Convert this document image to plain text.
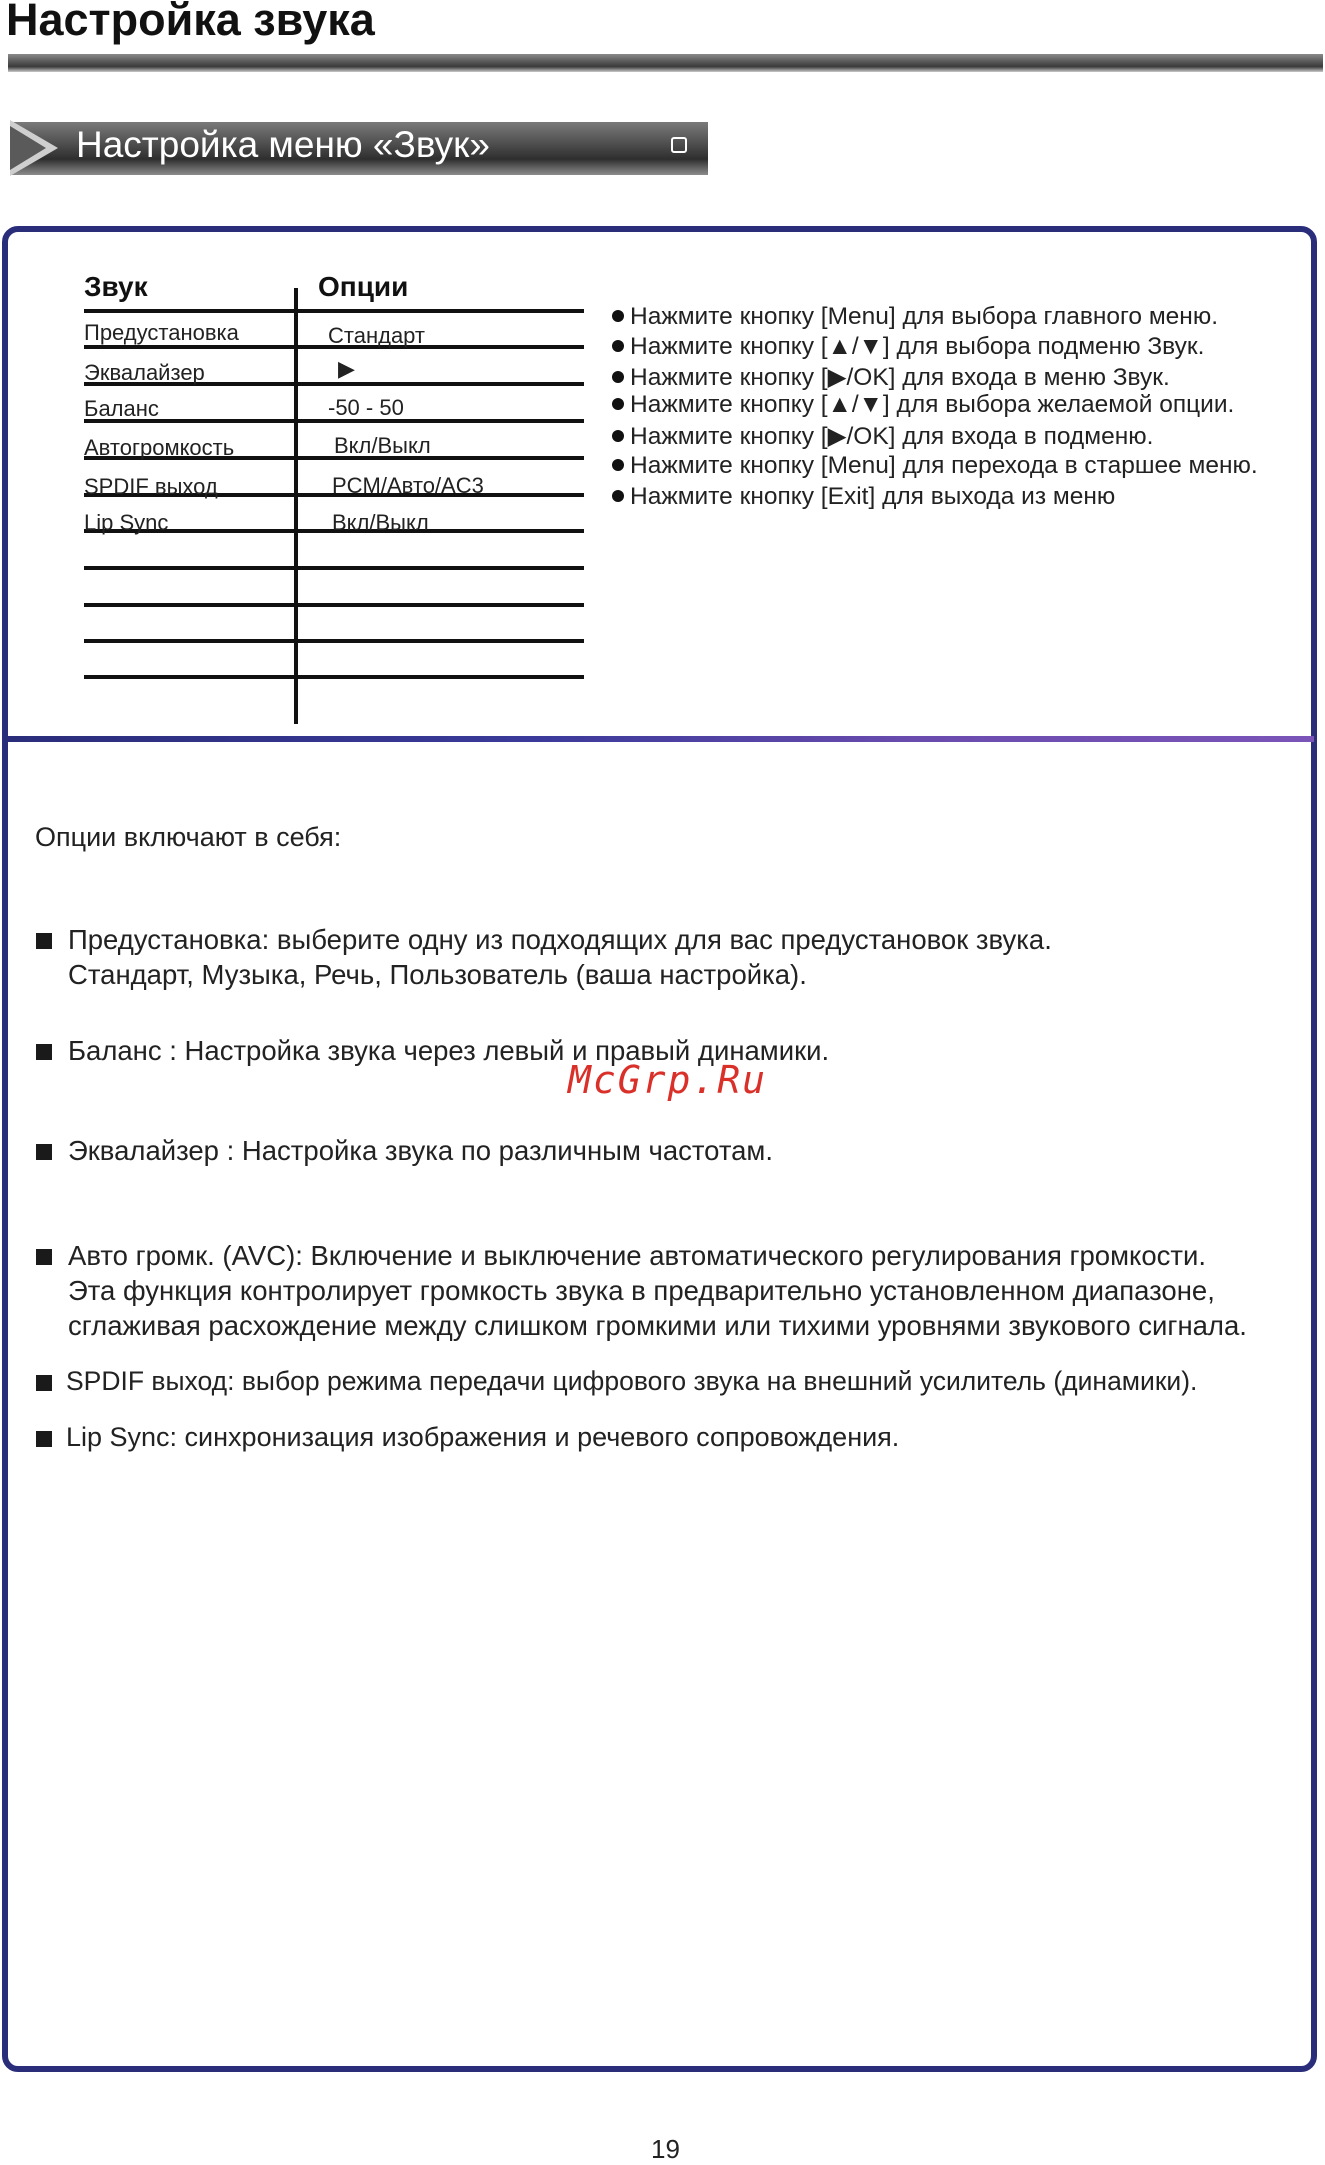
Настройка звука
Настройка меню «Звук»
Звук	Опции
Предустановка	Стандарт
Эквалайзер	▶
Баланс	-50 - 50
Автогромкость	Вкл/Выкл
SPDIF выход	PCM/Авто/AC3
Lip Sync	Вкл/Выкл
Нажмите кнопку [Menu] для выбора главного меню.
Нажмите кнопку [▲/▼] для выбора подменю Звук.
Нажмите кнопку [▶/OK] для входа в меню Звук.
Нажмите кнопку [▲/▼] для выбора желаемой опции.
Нажмите кнопку [▶/OK] для входа в подменю.
Нажмите кнопку [Menu] для перехода в старшее меню.
Нажмите кнопку [Exit] для выхода из меню
Опции включают в себя:
Предустановка: выберите одну из подходящих для вас предустановок звука.
Стандарт, Музыка, Речь, Пользователь (ваша настройка).
Баланс : Настройка звука через левый и правый динамики.
Эквалайзер : Настройка звука по различным частотам.
Авто громк. (AVC): Включение и выключение автоматического регулирования громкости.
Эта функция контролирует громкость звука в предварительно установленном диапазоне,
сглаживая расхождение между слишком громкими или тихими уровнями звукового сигнала.
SPDIF выход: выбор режима передачи цифрового звука на внешний усилитель (динамики).
Lip Sync: синхронизация изображения и речевого сопровождения.
McGrp.Ru
19
